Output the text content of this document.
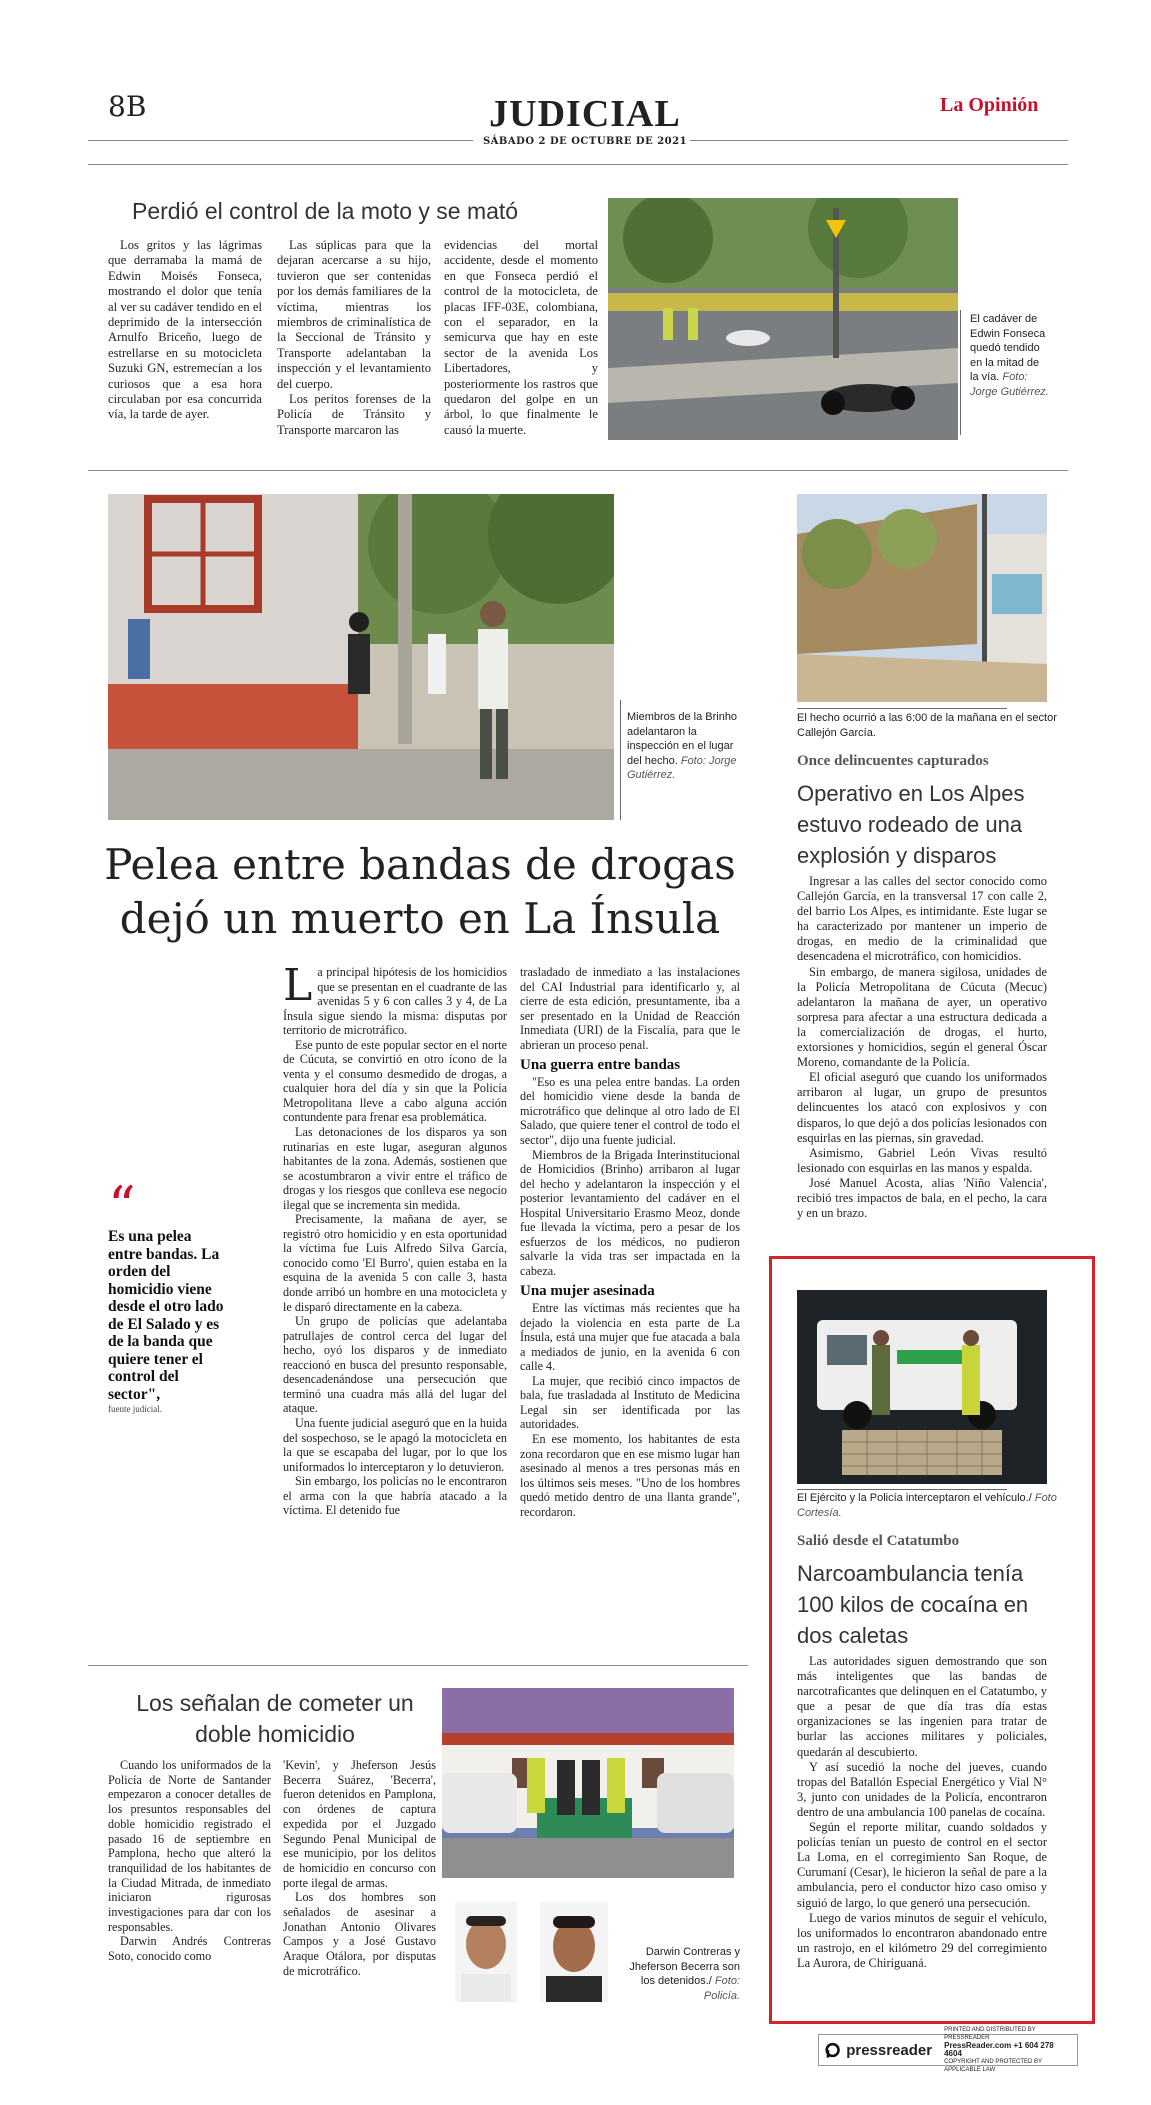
8B	JUDICIAL
SÁBADO 2 DE OCTUBRE DE 2021
La Opinión
Perdió el control de la moto y se mató

Los gritos y las lágrimas que derramaba la mamá de Edwin Moisés Fonseca, mostrando el dolor que tenía al ver su cadáver tendido en el deprimido de la intersección Arnulfo Briceño, luego de estrellarse en su motocicleta Suzuki GN, estremecían a los curiosos que a esa hora circulaban por esa concurrida vía, la tarde de ayer.

Las súplicas para que la dejaran acercarse a su hijo, tuvieron que ser contenidas por los demás familiares de la víctima, mientras los miembros de criminalística de la Seccional de Tránsito y Transporte adelantaban la inspección y el levantamiento del cuerpo.

Los peritos forenses de la Policía de Tránsito y Transporte marcaron las

evidencias del mortal accidente, desde el momento en que Fonseca perdió el control de la motocicleta, de placas IFF-03E, colombiana, con el separador, en la semicurva que hay en este sector de la avenida Los Libertadores, y posteriormente los rastros que quedaron del golpe en un árbol, lo que finalmente le causó la muerte.

El cadáver de Edwin Fonseca quedó tendido en la mitad de la vía. Foto: Jorge Gutiérrez.
Miembros de la Brinho adelantaron la inspección en el lugar del hecho. Foto: Jorge Gutiérrez.
Pelea entre bandas de drogas dejó un muerto en La Ínsula
“
Es una pelea entre bandas. La orden del homicidio viene desde el otro lado de El Salado y es de la banda que quiere tener el control del sector",
fuente judicial.

La principal hipótesis de los homicidios que se presentan en el cuadrante de las avenidas 5 y 6 con calles 3 y 4, de La Ínsula sigue siendo la misma: disputas por territorio de microtráfico.

Ese punto de este popular sector en el norte de Cúcuta, se convirtió en otro ícono de la venta y el consumo desmedido de drogas, a cualquier hora del día y sin que la Policía Metropolitana lleve a cabo alguna acción contundente para frenar esa problemática.

Las detonaciones de los disparos ya son rutinarias en este lugar, aseguran algunos habitantes de la zona. Además, sostienen que se acostumbraron a vivir entre el tráfico de drogas y los riesgos que conlleva ese negocio ilegal que se incrementa sin medida.

Precisamente, la mañana de ayer, se registró otro homicidio y en esta oportunidad la víctima fue Luis Alfredo Silva García, conocido como 'El Burro', quien estaba en la esquina de la avenida 5 con calle 3, hasta donde arribó un hombre en una motocicleta y le disparó directamente en la cabeza.

Un grupo de policías que adelantaba patrullajes de control cerca del lugar del hecho, oyó los disparos y de inmediato reaccionó en busca del presunto responsable, desencadenándose una persecución que terminó una cuadra más allá del lugar del ataque.

Una fuente judicial aseguró que en la huida del sospechoso, se le apagó la motocicleta en la que se escapaba del lugar, por lo que los uniformados lo interceptaron y lo detuvieron.

Sin embargo, los policías no le encontraron el arma con la que habría atacado a la víctima. El detenido fue

trasladado de inmediato a las instalaciones del CAI Industrial para identificarlo y, al cierre de esta edición, presuntamente, iba a ser presentado en la Unidad de Reacción Inmediata (URI) de la Fiscalía, para que le abrieran un proceso penal.

Una guerra entre bandas

"Eso es una pelea entre bandas. La orden del homicidio viene desde la banda de microtráfico que delinque al otro lado de El Salado, que quiere tener el control de todo el sector", dijo una fuente judicial.

Miembros de la Brigada Interinstitucional de Homicidios (Brinho) arribaron al lugar del hecho y adelantaron la inspección y el posterior levantamiento del cadáver en el Hospital Universitario Erasmo Meoz, donde fue llevada la víctima, pero a pesar de los esfuerzos de los médicos, no pudieron salvarle la vida tras ser impactada en la cabeza.

Una mujer asesinada

Entre las víctimas más recientes que ha dejado la violencia en esta parte de La Ínsula, está una mujer que fue atacada a bala a mediados de junio, en la avenida 6 con calle 4.

La mujer, que recibió cinco impactos de bala, fue trasladada al Instituto de Medicina Legal sin ser identificada por las autoridades.

En ese momento, los habitantes de esta zona recordaron que en ese mismo lugar han asesinado al menos a tres personas más en los últimos seis meses. "Uno de los hombres quedó metido dentro de una llanta grande", recordaron.

El hecho ocurrió a las 6:00 de la mañana en el sector Callejón García.
Once delincuentes capturados
Operativo en Los Alpes estuvo rodeado de una explosión y disparos

Ingresar a las calles del sector conocido como Callejón García, en la transversal 17 con calle 2, del barrio Los Alpes, es intimidante. Este lugar se ha caracterizado por mantener un imperio de drogas, en medio de la criminalidad que desencadena el microtráfico, con homicidios.

Sin embargo, de manera sigilosa, unidades de la Policía Metropolitana de Cúcuta (Mecuc) adelantaron la mañana de ayer, un operativo sorpresa para afectar a una estructura dedicada a la comercialización de drogas, el hurto, extorsiones y homicidios, según el general Óscar Moreno, comandante de la Policía.

El oficial aseguró que cuando los uniformados arribaron al lugar, un grupo de presuntos delincuentes los atacó con explosivos y con disparos, lo que dejó a dos policías lesionados con esquirlas en las piernas, sin gravedad.

Asimismo, Gabriel León Vivas resultó lesionado con esquirlas en las manos y espalda.

José Manuel Acosta, alias 'Niño Valencia', recibió tres impactos de bala, en el pecho, la cara y en un brazo.

El Ejército y la Policía interceptaron el vehículo./ Foto Cortesía.
Salió desde el Catatumbo
Narcoambulancia tenía 100 kilos de cocaína en dos caletas

Las autoridades siguen demostrando que son más inteligentes que las bandas de narcotraficantes que delinquen en el Catatumbo, y que a pesar de que día tras día estas organizaciones se las ingenien para tratar de burlar las acciones militares y policiales, quedarán al descubierto.

Y así sucedió la noche del jueves, cuando tropas del Batallón Especial Energético y Vial N° 3, junto con unidades de la Policía, encontraron dentro de una ambulancia 100 panelas de cocaína.

Según el reporte militar, cuando soldados y policías tenían un puesto de control en el sector La Loma, en el corregimiento San Roque, de Curumaní (Cesar), le hicieron la señal de pare a la ambulancia, pero el conductor hizo caso omiso y siguió de largo, lo que generó una persecución.

Luego de varios minutos de seguir el vehículo, los uniformados lo encontraron abandonado entre un rastrojo, en el kilómetro 29 del corregimiento La Aurora, de Chiriguaná.

Los señalan de cometer un doble homicidio

Cuando los uniformados de la Policía de Norte de Santander empezaron a conocer detalles de los presuntos responsables del doble homicidio registrado el pasado 16 de septiembre en Pamplona, hecho que alteró la tranquilidad de los habitantes de la Ciudad Mitrada, de inmediato iniciaron rigurosas investigaciones para dar con los responsables.

Darwin Andrés Contreras Soto, conocido como

'Kevin', y Jheferson Jesús Becerra Suárez, 'Becerra', fueron detenidos en Pamplona, con órdenes de captura expedida por el Juzgado Segundo Penal Municipal de ese municipio, por los delitos de homicidio en concurso con porte ilegal de armas.

Los dos hombres son señalados de asesinar a Jonathan Antonio Olivares Campos y a José Gustavo Araque Otálora, por disputas de microtráfico.

Darwin Contreras y Jheferson Becerra son los detenidos./ Foto: Policía.
pressreader
PRINTED AND DISTRIBUTED BY PRESSREADER
PressReader.com +1 604 278 4604
COPYRIGHT AND PROTECTED BY APPLICABLE LAW
